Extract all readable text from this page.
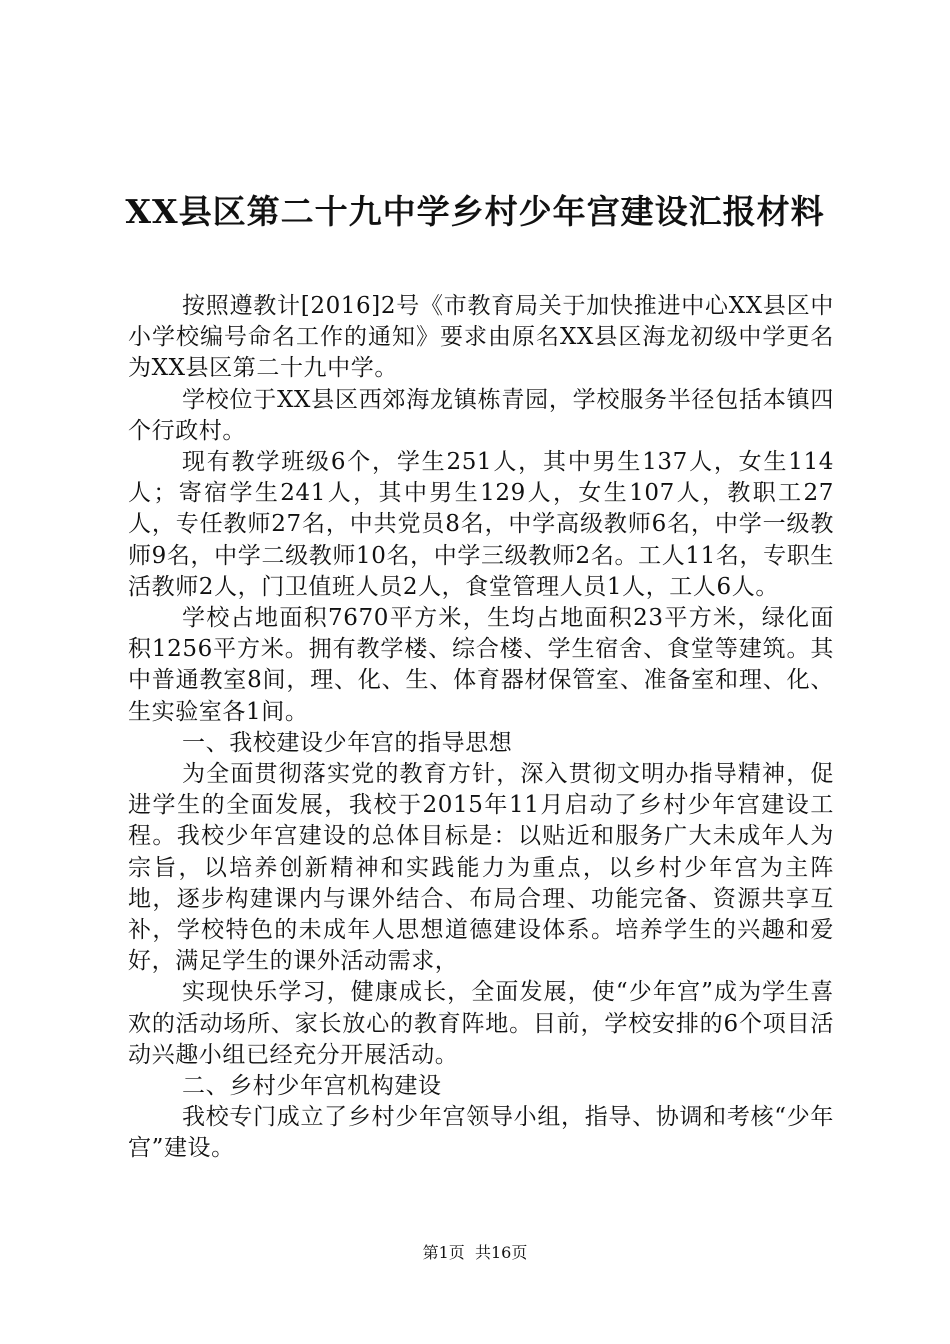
XX县区第二十九中学乡村少年宫建设汇报材料

按照遵教计[2016]2号《市教育局关于加快推进中心XX县区中小学校编号命名工作的通知》要求由原名XX县区海龙初级中学更名为XX县区第二十九中学。

学校位于XX县区西郊海龙镇栋青园，学校服务半径包括本镇四个行政村。

现有教学班级6个，学生251人，其中男生137人，女生114人；寄宿学生241人，其中男生129人，女生107人，教职工27人，专任教师27名，中共党员8名，中学高级教师6名，中学一级教师9名，中学二级教师10名，中学三级教师2名。工人11名，专职生活教师2人，门卫值班人员2人，食堂管理人员1人，工人6人。

学校占地面积7670平方米，生均占地面积23平方米，绿化面积1256平方米。拥有教学楼、综合楼、学生宿舍、食堂等建筑。其中普通教室8间，理、化、生、体育器材保管室、准备室和理、化、生实验室各1间。

一、我校建设少年宫的指导思想

为全面贯彻落实党的教育方针，深入贯彻文明办指导精神，促进学生的全面发展，我校于2015年11月启动了乡村少年宫建设工程。我校少年宫建设的总体目标是：以贴近和服务广大未成年人为宗旨，以培养创新精神和实践能力为重点，以乡村少年宫为主阵地，逐步构建课内与课外结合、布局合理、功能完备、资源共享互补，学校特色的未成年人思想道德建设体系。培养学生的兴趣和爱好，满足学生的课外活动需求，

实现快乐学习，健康成长，全面发展，使“少年宫”成为学生喜欢的活动场所、家长放心的教育阵地。目前，学校安排的6个项目活动兴趣小组已经充分开展活动。

二、乡村少年宫机构建设

我校专门成立了乡村少年宫领导小组，指导、协调和考核“少年宫”建设。

第1页 共16页
